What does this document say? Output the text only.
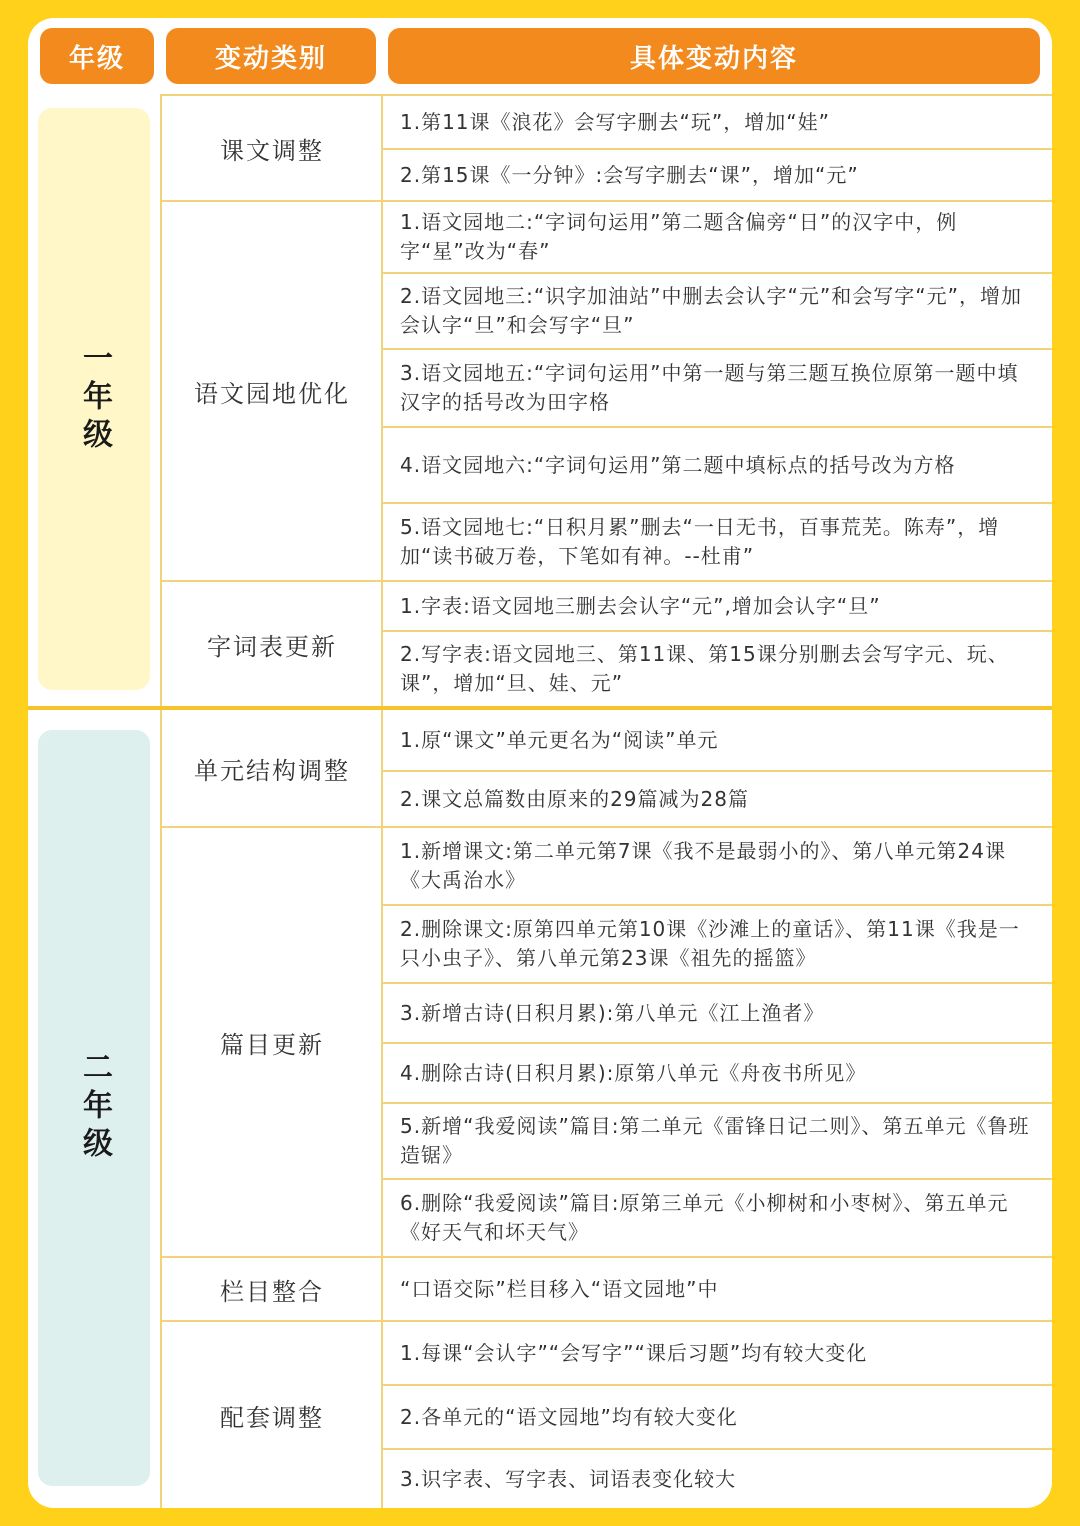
年级	变动类别	具体变动内容
一年级
二年级
课文调整
语文园地优化
字词表更新
1.第11课《浪花》会写字删去“玩”，增加“娃”
2.第15课《一分钟》:会写字删去“课”，增加“元”
1.语文园地二:“字词句运用”第二题含偏旁“日”的汉字中，例字“星”改为“春”
2.语文园地三:“识字加油站”中删去会认字“元”和会写字“元”，增加会认字“旦”和会写字“旦”
3.语文园地五:“字词句运用”中第一题与第三题互换位原第一题中填汉字的括号改为田字格
4.语文园地六:“字词句运用”第二题中填标点的括号改为方格
5.语文园地七:“日积月累”删去“一日无书，百事荒芜。陈寿”，增加“读书破万卷，下笔如有神。--杜甫”
1.字表:语文园地三删去会认字“元”,增加会认字“旦”
2.写字表:语文园地三、第11课、第15课分别删去会写字元、玩、课”，增加“旦、娃、元”
单元结构调整
篇目更新
栏目整合
配套调整
1.原“课文”单元更名为“阅读”单元
2.课文总篇数由原来的29篇减为28篇
1.新增课文:第二单元第7课《我不是最弱小的》、第八单元第24课《大禹治水》
2.删除课文:原第四单元第10课《沙滩上的童话》、第11课《我是一只小虫子》、第八单元第23课《祖先的摇篮》
3.新增古诗(日积月累):第八单元《江上渔者》
4.删除古诗(日积月累):原第八单元《舟夜书所见》
5.新增“我爱阅读”篇目:第二单元《雷锋日记二则》、第五单元《鲁班造锯》
6.删除“我爱阅读”篇目:原第三单元《小柳树和小枣树》、第五单元《好天气和坏天气》
“口语交际”栏目移入“语文园地”中
1.每课“会认字”“会写字”“课后习题”均有较大变化
2.各单元的“语文园地”均有较大变化
3.识字表、写字表、词语表变化较大
